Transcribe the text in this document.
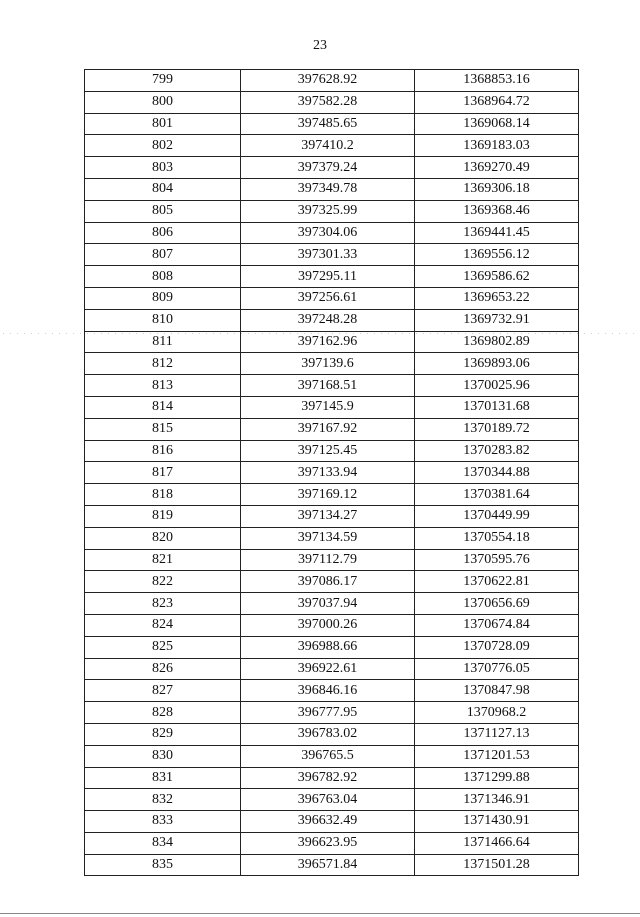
23
799	397628.92	1368853.16
800	397582.28	1368964.72
801	397485.65	1369068.14
802	397410.2	1369183.03
803	397379.24	1369270.49
804	397349.78	1369306.18
805	397325.99	1369368.46
806	397304.06	1369441.45
807	397301.33	1369556.12
808	397295.11	1369586.62
809	397256.61	1369653.22
810	397248.28	1369732.91
811	397162.96	1369802.89
812	397139.6	1369893.06
813	397168.51	1370025.96
814	397145.9	1370131.68
815	397167.92	1370189.72
816	397125.45	1370283.82
817	397133.94	1370344.88
818	397169.12	1370381.64
819	397134.27	1370449.99
820	397134.59	1370554.18
821	397112.79	1370595.76
822	397086.17	1370622.81
823	397037.94	1370656.69
824	397000.26	1370674.84
825	396988.66	1370728.09
826	396922.61	1370776.05
827	396846.16	1370847.98
828	396777.95	1370968.2
829	396783.02	1371127.13
830	396765.5	1371201.53
831	396782.92	1371299.88
832	396763.04	1371346.91
833	396632.49	1371430.91
834	396623.95	1371466.64
835	396571.84	1371501.28
